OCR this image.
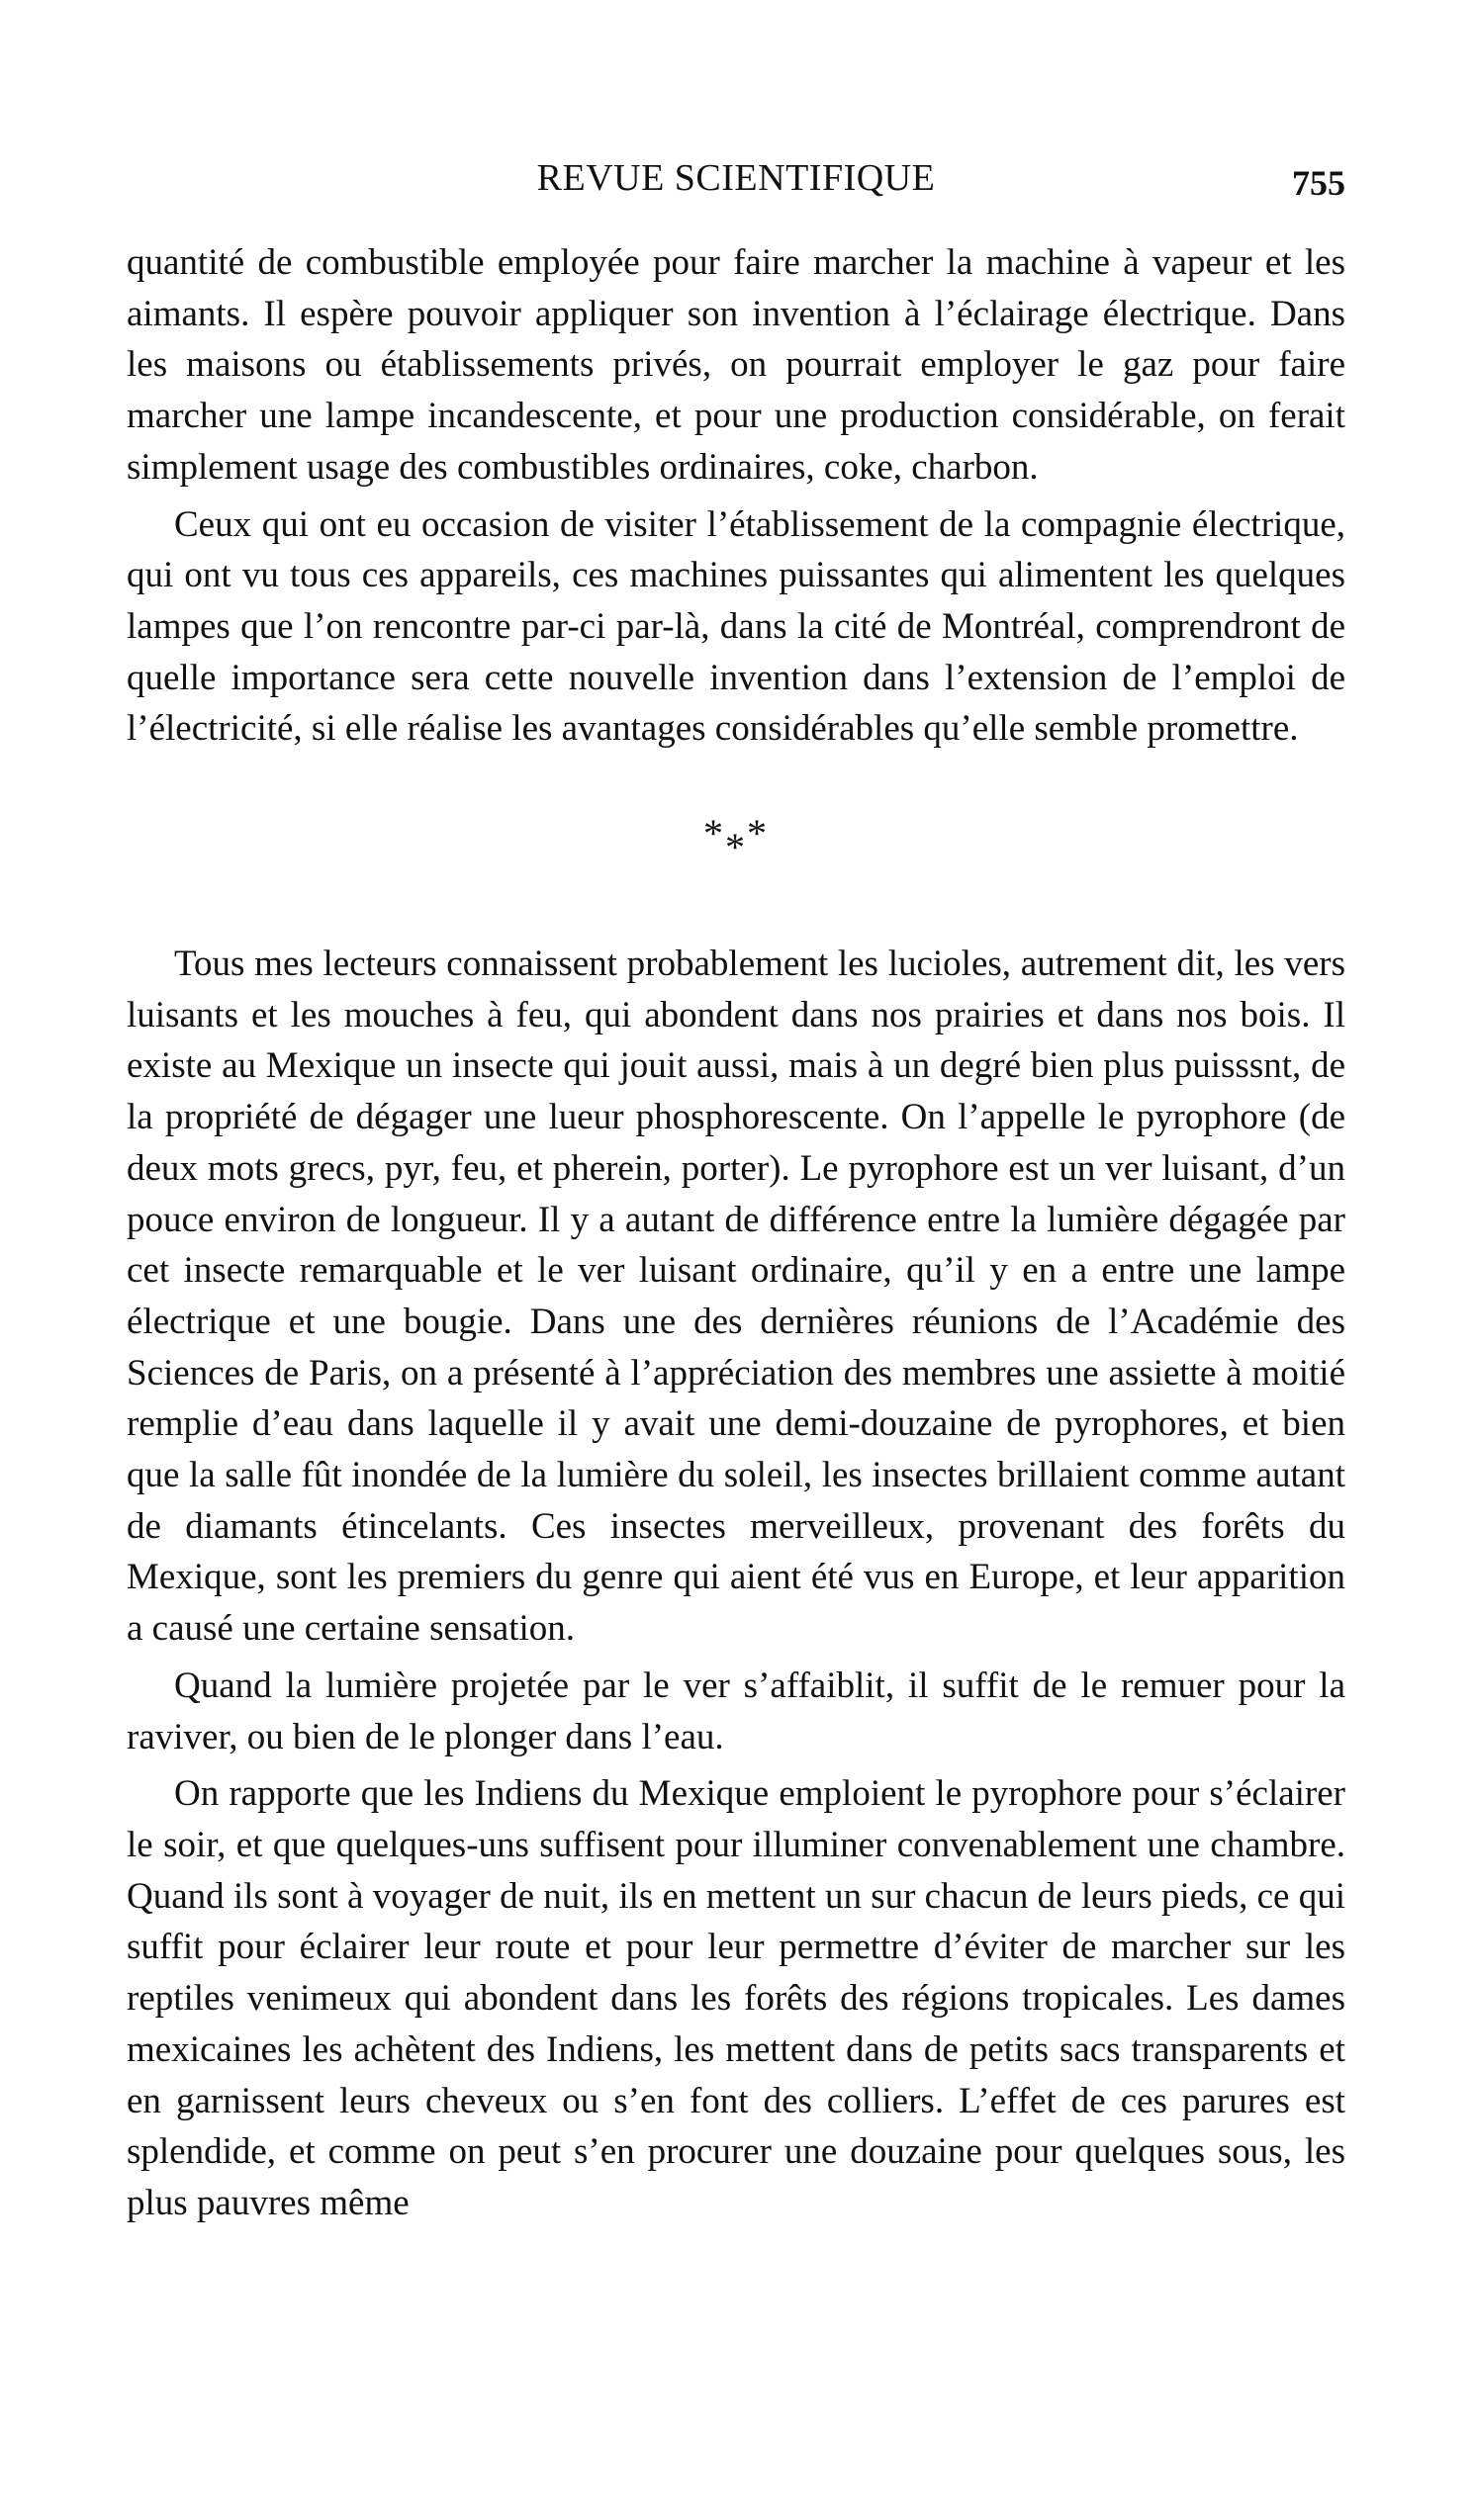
REVUE SCIENTIFIQUE	755

quantité de combustible employée pour faire marcher la machine à vapeur et les aimants. Il espère pouvoir appliquer son invention à l’éclairage électrique. Dans les maisons ou établissements privés, on pourrait employer le gaz pour faire marcher une lampe incandescente, et pour une production considérable, on ferait simplement usage des combustibles ordinaires, coke, charbon.

Ceux qui ont eu occasion de visiter l’établissement de la compagnie électrique, qui ont vu tous ces appareils, ces machines puissantes qui alimentent les quelques lampes que l’on rencontre par-ci par-là, dans la cité de Montréal, comprendront de quelle importance sera cette nouvelle invention dans l’extension de l’emploi de l’électricité, si elle réalise les avantages considérables qu’elle semble promettre.

$*_**$

Tous mes lecteurs connaissent probablement les lucioles, autrement dit, les vers luisants et les mouches à feu, qui abondent dans nos prairies et dans nos bois. Il existe au Mexique un insecte qui jouit aussi, mais à un degré bien plus puisssnt, de la propriété de dégager une lueur phosphorescente. On l’appelle le pyrophore (de deux mots grecs, pyr, feu, et pherein, porter). Le pyrophore est un ver luisant, d’un pouce environ de longueur. Il y a autant de différence entre la lumière dégagée par cet insecte remarquable et le ver luisant ordinaire, qu’il y en a entre une lampe électrique et une bougie. Dans une des dernières réunions de l’Académie des Sciences de Paris, on a présenté à l’appréciation des membres une assiette à moitié remplie d’eau dans laquelle il y avait une demi-douzaine de pyrophores, et bien que la salle fût inondée de la lumière du soleil, les insectes brillaient comme autant de diamants étincelants. Ces insectes merveilleux, provenant des forêts du Mexique, sont les premiers du genre qui aient été vus en Europe, et leur apparition a causé une certaine sensation.

Quand la lumière projetée par le ver s’affaiblit, il suffit de le remuer pour la raviver, ou bien de le plonger dans l’eau.

On rapporte que les Indiens du Mexique emploient le pyrophore pour s’éclairer le soir, et que quelques-uns suffisent pour illuminer convenablement une chambre. Quand ils sont à voyager de nuit, ils en mettent un sur chacun de leurs pieds, ce qui suffit pour éclairer leur route et pour leur permettre d’éviter de marcher sur les reptiles venimeux qui abondent dans les forêts des régions tropicales. Les dames mexicaines les achètent des Indiens, les mettent dans de petits sacs transparents et en garnissent leurs cheveux ou s’en font des colliers. L’effet de ces parures est splendide, et comme on peut s’en procurer une douzaine pour quelques sous, les plus pauvres même
